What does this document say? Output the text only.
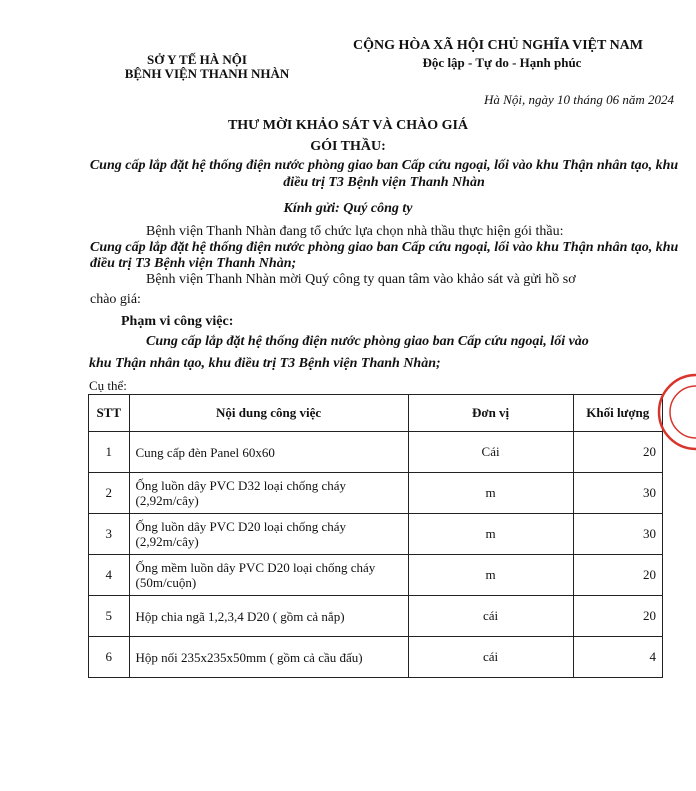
SỞ Y TẾ HÀ NỘI
BỆNH VIỆN THANH NHÀN
CỘNG HÒA XÃ HỘI CHỦ NGHĨA VIỆT NAM
Độc lập - Tự do - Hạnh phúc
Hà Nội, ngày 10 tháng 06 năm 2024
THƯ MỜI KHẢO SÁT VÀ CHÀO GIÁ
GÓI THẦU:
Cung cấp lắp đặt hệ thống điện nước phòng giao ban Cấp cứu ngoại, lối vào khu Thận nhân tạo, khu điều trị T3 Bệnh viện Thanh Nhàn
Kính gửi: Quý công ty
Bệnh viện Thanh Nhàn đang tổ chức lựa chọn nhà thầu thực hiện gói thầu:
Cung cấp lắp đặt hệ thống điện nước phòng giao ban Cấp cứu ngoại, lối vào khu Thận nhân tạo, khu điều trị T3 Bệnh viện Thanh Nhàn;
Bệnh viện Thanh Nhàn mời Quý công ty quan tâm vào khảo sát và gửi hồ sơ
chào giá:
Phạm vi công việc:
Cung cấp lắp đặt hệ thống điện nước phòng giao ban Cấp cứu ngoại, lối vào
khu Thận nhân tạo, khu điều trị T3 Bệnh viện Thanh Nhàn;
Cụ thể:
STT	Nội dung công việc	Đơn vị	Khối lượng
1	Cung cấp đèn Panel 60x60	Cái	20
2	Ống luồn dây PVC D32 loại chống cháy (2,92m/cây)	m	30
3	Ống luồn dây PVC D20 loại chống cháy (2,92m/cây)	m	30
4	Ống mềm luồn dây PVC D20 loại chống cháy (50m/cuộn)	m	20
5	Hộp chia ngã 1,2,3,4 D20 ( gồm cả nắp)	cái	20
6	Hộp nối 235x235x50mm ( gồm cả cầu đấu)	cái	4
